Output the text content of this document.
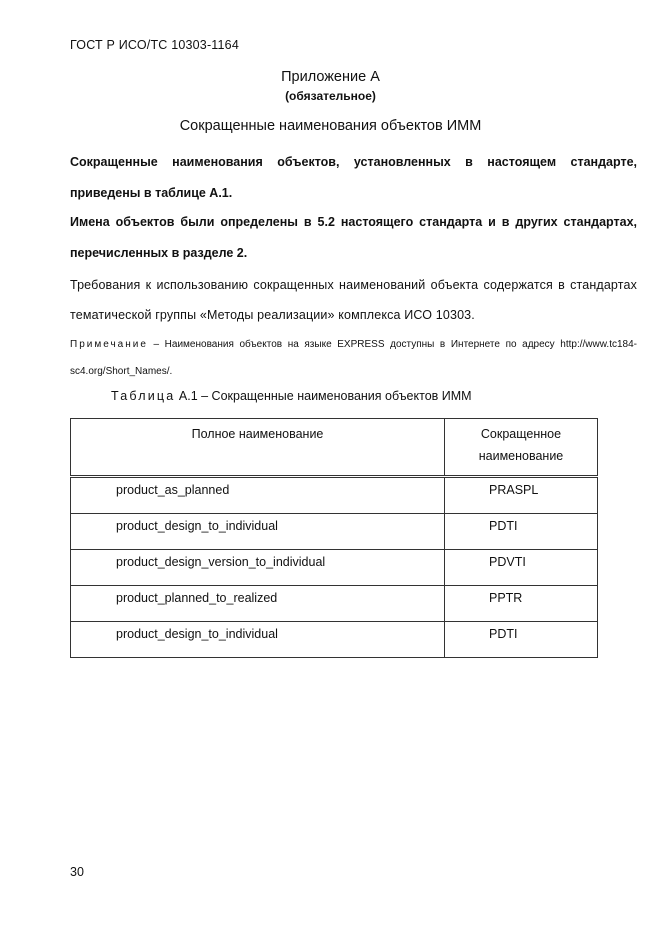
ГОСТ Р ИСО/ТС 10303-1164
Приложение А
(обязательное)
Сокращенные наименования объектов ИММ
Сокращенные наименования объектов, установленных в настоящем стандарте, приведены в таблице А.1.
Имена объектов были определены в 5.2 настоящего стандарта и в других стандартах, перечисленных в разделе 2.
Требования к использованию сокращенных наименований объекта содержатся в стандартах тематической группы «Методы реализации» комплекса ИСО 10303.
Примечание – Наименования объектов на языке EXPRESS доступны в Интернете по адресу http://www.tc184-sc4.org/Short_Names/.
Таблица А.1 – Сокращенные наименования объектов ИММ
Полное наименование	Сокращенное наименование
product_as_planned	PRASPL
product_design_to_individual	PDTI
product_design_version_to_individual	PDVTI
product_planned_to_realized	PPTR
product_design_to_individual	PDTI
30
